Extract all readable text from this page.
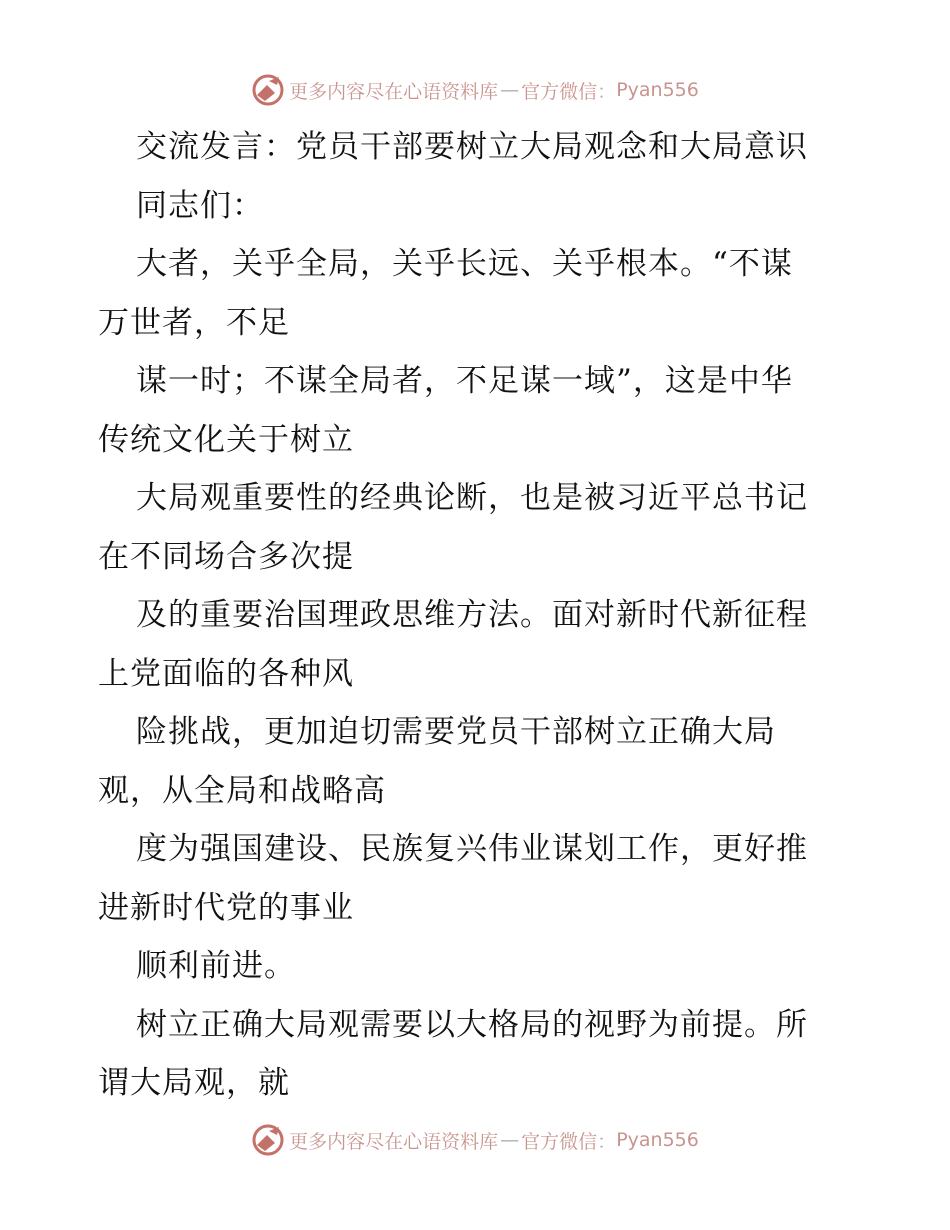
更多内容尽在心语资料库 — 官方微信 ： Pyan556
交流发言：党员干部要树立大局观念和大局意识
同志们：
大者，关乎全局，关乎长远、关乎根本。“不谋
万世者，不足
谋一时；不谋全局者，不足谋一域”，这是中华
传统文化关于树立
大局观重要性的经典论断，也是被习近平总书记
在不同场合多次提
及的重要治国理政思维方法。面对新时代新征程
上党面临的各种风
险挑战，更加迫切需要党员干部树立正确大局
观，从全局和战略高
度为强国建设、民族复兴伟业谋划工作，更好推
进新时代党的事业
顺利前进。
树立正确大局观需要以大格局的视野为前提。所
谓大局观，就
更多内容尽在心语资料库 — 官方微信 ： Pyan556
